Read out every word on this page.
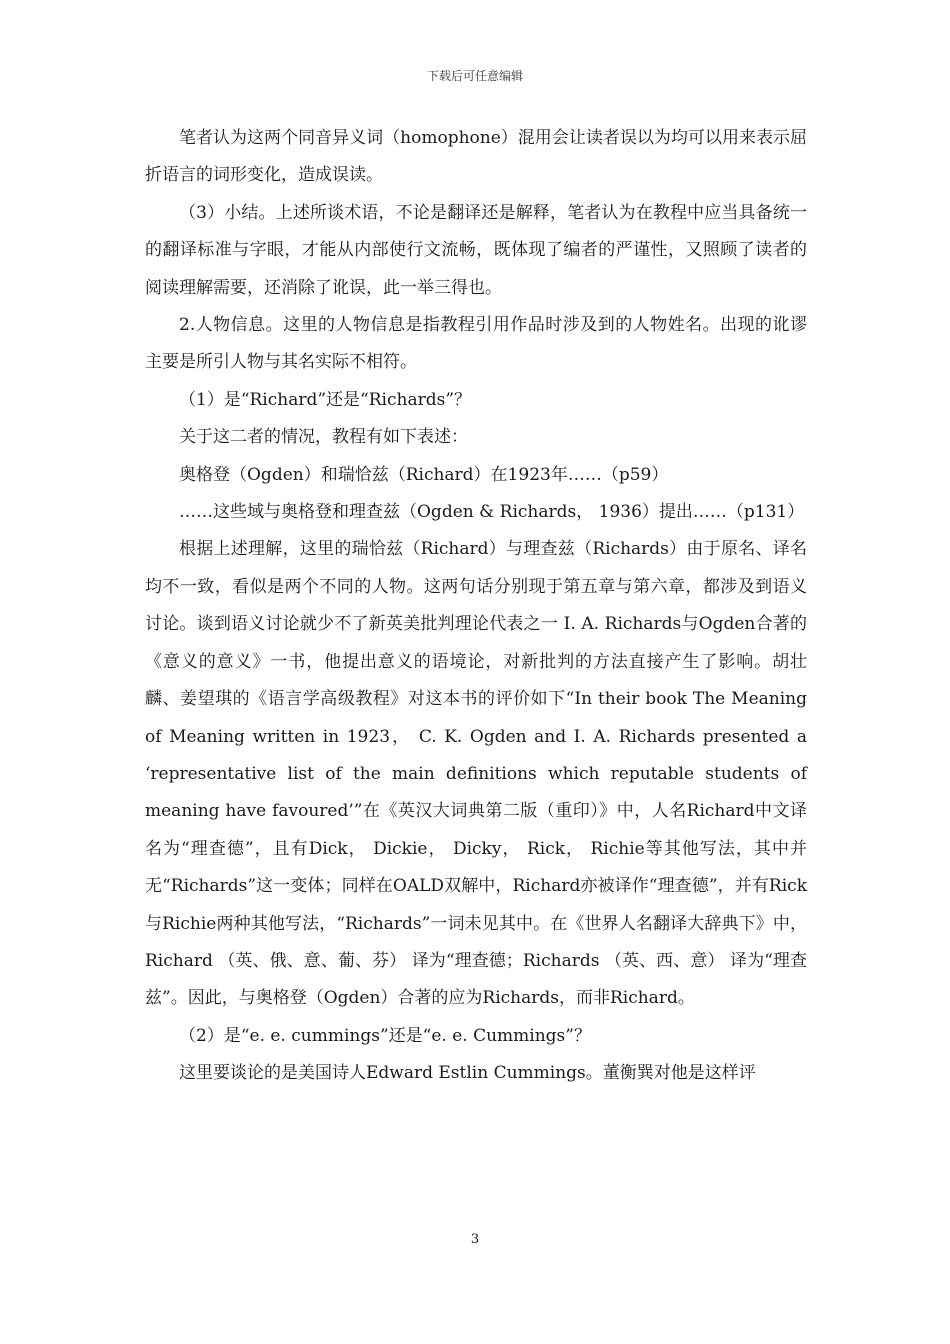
下载后可任意编辑

笔者认为这两个同音异义词（homophone）混用会让读者误以为均可以用来表示屈折语言的词形变化，造成误读。

（3）小结。上述所谈术语，不论是翻译还是解释，笔者认为在教程中应当具备统一的翻译标准与字眼，才能从内部使行文流畅，既体现了编者的严谨性，又照顾了读者的阅读理解需要，还消除了讹误，此一举三得也。

2.人物信息。这里的人物信息是指教程引用作品时涉及到的人物姓名。出现的讹谬主要是所引人物与其名实际不相符。

（1）是“Richard”还是“Richards”？

关于这二者的情况，教程有如下表述：

奥格登（Ogden）和瑞恰兹（Richard）在1923年……（p59）

……这些域与奥格登和理查兹（Ogden & Richards， 1936）提出……（p131）

根据上述理解，这里的瑞恰兹（Richard）与理查兹（Richards）由于原名、译名均不一致，看似是两个不同的人物。这两句话分别现于第五章与第六章，都涉及到语义讨论。谈到语义讨论就少不了新英美批判理论代表之一 I. A. Richards与Ogden合著的《意义的意义》一书，他提出意义的语境论，对新批判的方法直接产生了影响。胡壮麟、姜望琪的《语言学高级教程》对这本书的评价如下“In their book The Meaning of Meaning written in 1923， C. K. Ogden and I. A. Richards presented a ‘representative list of the main definitions which reputable students of meaning have favoured’”在《英汉大词典第二版（重印）》中，人名Richard中文译名为“理查德”，且有Dick， Dickie， Dicky， Rick， Richie等其他写法，其中并无“Richards”这一变体；同样在OALD双解中，Richard亦被译作“理查德”，并有Rick与Richie两种其他写法，“Richards”一词未见其中。在《世界人名翻译大辞典下》中，Richard （英、俄、意、葡、芬） 译为“理查德；Richards （英、西、意） 译为“理查兹”。因此，与奥格登（Ogden）合著的应为Richards，而非Richard。

（2）是“e. e. cummings”还是“e. e. Cummings”？

这里要谈论的是美国诗人Edward Estlin Cummings。董衡巽对他是这样评

3
